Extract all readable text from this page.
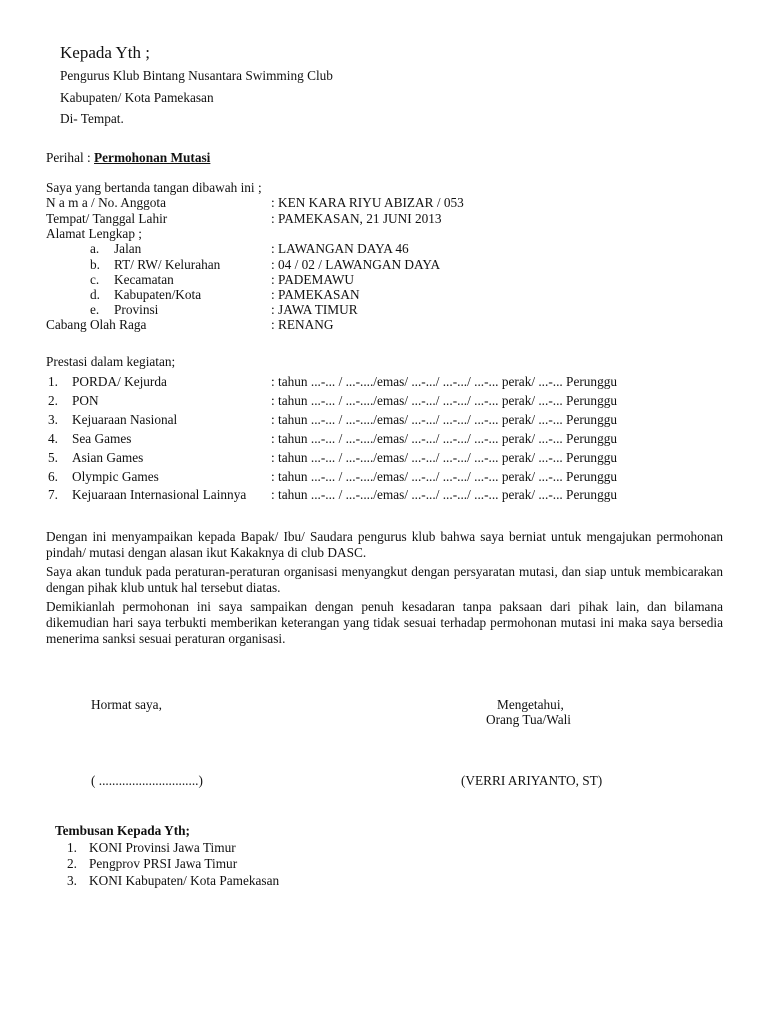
Kepada Yth ;
Pengurus Klub Bintang Nusantara Swimming Club
Kabupaten/ Kota Pamekasan
Di- Tempat.
Perihal : Permohonan Mutasi
Saya yang bertanda tangan dibawah ini ;
N a m a / No. Anggota	: KEN KARA RIYU ABIZAR / 053
Tempat/ Tanggal Lahir	: PAMEKASAN, 21 JUNI 2013
Alamat Lengkap ;
a. Jalan	: LAWANGAN DAYA 46
b. RT/ RW/ Kelurahan	: 04 / 02 / LAWANGAN DAYA
c. Kecamatan	: PADEMAWU
d. Kabupaten/Kota	: PAMEKASAN
e. Provinsi	: JAWA TIMUR
Cabang Olah Raga	: RENANG
Prestasi dalam kegiatan;
1. PORDA/ Kejurda	: tahun ...-... / ...-..../emas/ ...-.../ ...-.../ ...-... perak/ ...-... Perunggu
2. PON	: tahun ...-... / ...-..../emas/ ...-.../ ...-.../ ...-... perak/ ...-... Perunggu
3. Kejuaraan Nasional	: tahun ...-... / ...-..../emas/ ...-.../ ...-.../ ...-... perak/ ...-... Perunggu
4. Sea Games	: tahun ...-... / ...-..../emas/ ...-.../ ...-.../ ...-... perak/ ...-... Perunggu
5. Asian Games	: tahun ...-... / ...-..../emas/ ...-.../ ...-.../ ...-... perak/ ...-... Perunggu
6. Olympic Games	: tahun ...-... / ...-..../emas/ ...-.../ ...-.../ ...-... perak/ ...-... Perunggu
7. Kejuaraan Internasional Lainnya : tahun ...-... / ...-..../emas/ ...-.../ ...-.../ ...-... perak/ ...-... Perunggu

Dengan ini menyampaikan kepada Bapak/ Ibu/ Saudara pengurus klub bahwa saya berniat untuk mengajukan permohonan pindah/ mutasi dengan alasan ikut Kakaknya di club DASC.

Saya akan tunduk pada peraturan-peraturan organisasi menyangkut dengan persyaratan mutasi, dan siap untuk membicarakan dengan pihak klub untuk hal tersebut diatas.

Demikianlah permohonan ini saya sampaikan dengan penuh kesadaran tanpa paksaan dari pihak lain, dan bilamana dikemudian hari saya terbukti memberikan keterangan yang tidak sesuai terhadap permohonan mutasi ini maka saya bersedia menerima sanksi sesuai peraturan organisasi.

Hormat saya,	Mengetahui,
Orang Tua/Wali
( ..............................)	(VERRI ARIYANTO, ST)
Tembusan Kepada Yth;
1. KONI Provinsi Jawa Timur
2. Pengprov PRSI Jawa Timur
3. KONI Kabupaten/ Kota Pamekasan
